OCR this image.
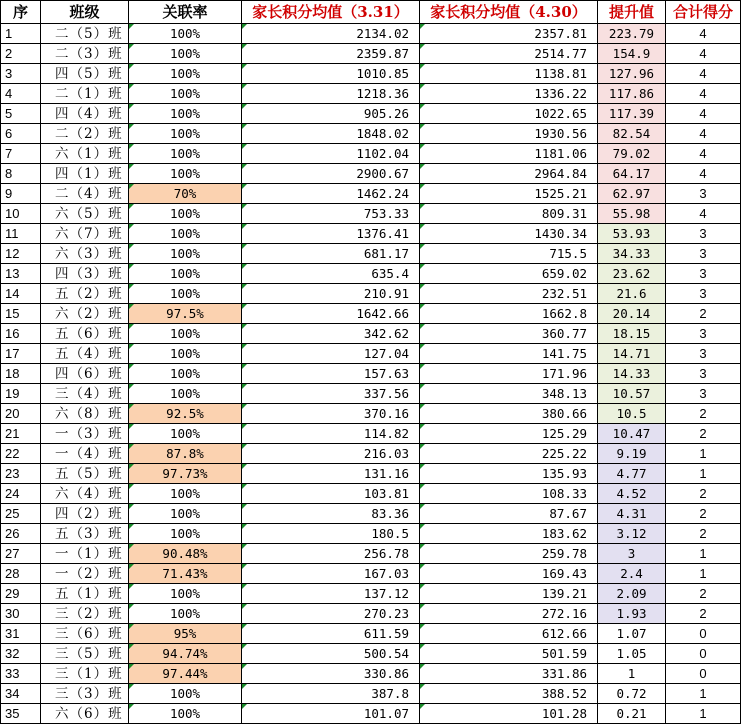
序	班级	关联率	家长积分均值（3.31）	家长积分均值（4.30）	提升值	合计得分
1	二（5）班	100%	2134.02	2357.81	223.79	4
2	二（3）班	100%	2359.87	2514.77	154.9	4
3	四（5）班	100%	1010.85	1138.81	127.96	4
4	二（1）班	100%	1218.36	1336.22	117.86	4
5	四（4）班	100%	905.26	1022.65	117.39	4
6	二（2）班	100%	1848.02	1930.56	82.54	4
7	六（1）班	100%	1102.04	1181.06	79.02	4
8	四（1）班	100%	2900.67	2964.84	64.17	4
9	二（4）班	70%	1462.24	1525.21	62.97	3
10	六（5）班	100%	753.33	809.31	55.98	4
11	六（7）班	100%	1376.41	1430.34	53.93	3
12	六（3）班	100%	681.17	715.5	34.33	3
13	四（3）班	100%	635.4	659.02	23.62	3
14	五（2）班	100%	210.91	232.51	21.6	3
15	六（2）班	97.5%	1642.66	1662.8	20.14	2
16	五（6）班	100%	342.62	360.77	18.15	3
17	五（4）班	100%	127.04	141.75	14.71	3
18	四（6）班	100%	157.63	171.96	14.33	3
19	三（4）班	100%	337.56	348.13	10.57	3
20	六（8）班	92.5%	370.16	380.66	10.5	2
21	一（3）班	100%	114.82	125.29	10.47	2
22	一（4）班	87.8%	216.03	225.22	9.19	1
23	五（5）班	97.73%	131.16	135.93	4.77	1
24	六（4）班	100%	103.81	108.33	4.52	2
25	四（2）班	100%	83.36	87.67	4.31	2
26	五（3）班	100%	180.5	183.62	3.12	2
27	一（1）班	90.48%	256.78	259.78	3	1
28	一（2）班	71.43%	167.03	169.43	2.4	1
29	五（1）班	100%	137.12	139.21	2.09	2
30	三（2）班	100%	270.23	272.16	1.93	2
31	三（6）班	95%	611.59	612.66	1.07	0
32	三（5）班	94.74%	500.54	501.59	1.05	0
33	三（1）班	97.44%	330.86	331.86	1	0
34	三（3）班	100%	387.8	388.52	0.72	1
35	六（6）班	100%	101.07	101.28	0.21	1
